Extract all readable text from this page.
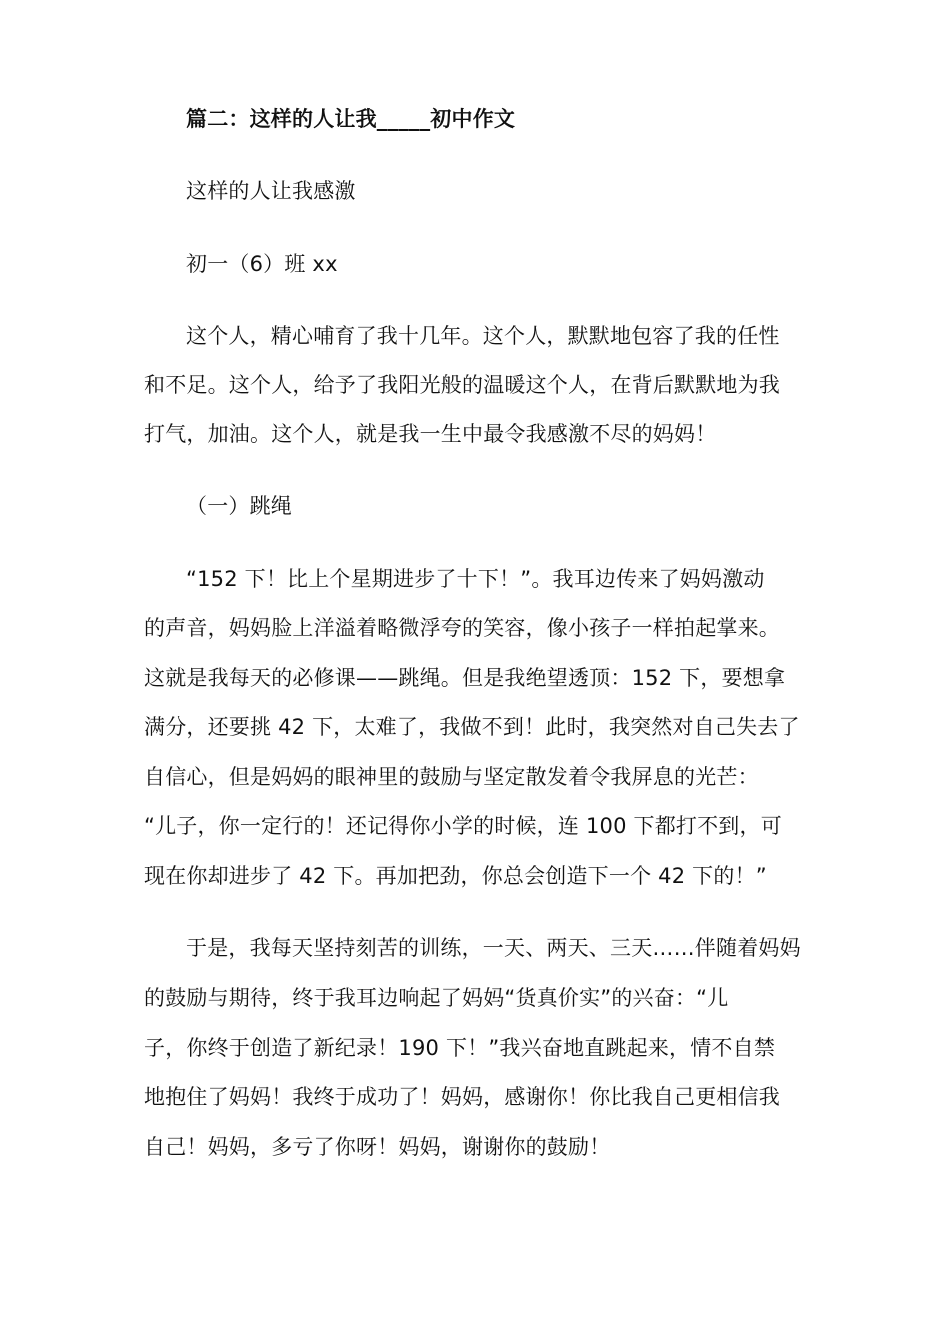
篇二：这样的人让我_____初中作文
这样的人让我感激
初一（6）班 xx
这个人，精心哺育了我十几年。这个人，默默地包容了我的任性
和不足。这个人，给予了我阳光般的温暖这个人，在背后默默地为我
打气，加油。这个人，就是我一生中最令我感激不尽的妈妈！
（一）跳绳
“152 下！比上个星期进步了十下！”。我耳边传来了妈妈激动
的声音，妈妈脸上洋溢着略微浮夸的笑容，像小孩子一样拍起掌来。
这就是我每天的必修课——跳绳。但是我绝望透顶：152 下，要想拿
满分，还要挑 42 下，太难了，我做不到！此时，我突然对自己失去了
自信心，但是妈妈的眼神里的鼓励与坚定散发着令我屏息的光芒：
“儿子，你一定行的！还记得你小学的时候，连 100 下都打不到，可
现在你却进步了 42 下。再加把劲，你总会创造下一个 42 下的！”
于是，我每天坚持刻苦的训练，一天、两天、三天……伴随着妈妈
的鼓励与期待，终于我耳边响起了妈妈“货真价实”的兴奋：“儿
子，你终于创造了新纪录！190 下！”我兴奋地直跳起来，情不自禁
地抱住了妈妈！我终于成功了！妈妈，感谢你！你比我自己更相信我
自己！妈妈，多亏了你呀！妈妈，谢谢你的鼓励！
